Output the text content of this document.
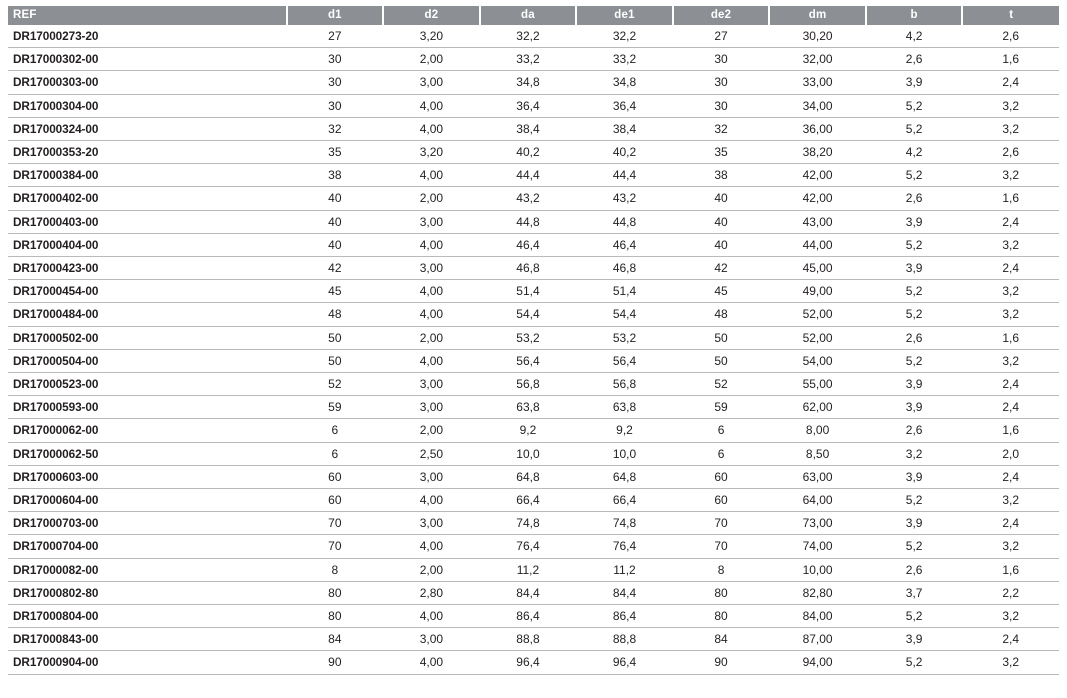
REF	d1	d2	da	de1	de2	dm	b	t
DR17000273-20	27	3,20	32,2	32,2	27	30,20	4,2	2,6
DR17000302-00	30	2,00	33,2	33,2	30	32,00	2,6	1,6
DR17000303-00	30	3,00	34,8	34,8	30	33,00	3,9	2,4
DR17000304-00	30	4,00	36,4	36,4	30	34,00	5,2	3,2
DR17000324-00	32	4,00	38,4	38,4	32	36,00	5,2	3,2
DR17000353-20	35	3,20	40,2	40,2	35	38,20	4,2	2,6
DR17000384-00	38	4,00	44,4	44,4	38	42,00	5,2	3,2
DR17000402-00	40	2,00	43,2	43,2	40	42,00	2,6	1,6
DR17000403-00	40	3,00	44,8	44,8	40	43,00	3,9	2,4
DR17000404-00	40	4,00	46,4	46,4	40	44,00	5,2	3,2
DR17000423-00	42	3,00	46,8	46,8	42	45,00	3,9	2,4
DR17000454-00	45	4,00	51,4	51,4	45	49,00	5,2	3,2
DR17000484-00	48	4,00	54,4	54,4	48	52,00	5,2	3,2
DR17000502-00	50	2,00	53,2	53,2	50	52,00	2,6	1,6
DR17000504-00	50	4,00	56,4	56,4	50	54,00	5,2	3,2
DR17000523-00	52	3,00	56,8	56,8	52	55,00	3,9	2,4
DR17000593-00	59	3,00	63,8	63,8	59	62,00	3,9	2,4
DR17000062-00	6	2,00	9,2	9,2	6	8,00	2,6	1,6
DR17000062-50	6	2,50	10,0	10,0	6	8,50	3,2	2,0
DR17000603-00	60	3,00	64,8	64,8	60	63,00	3,9	2,4
DR17000604-00	60	4,00	66,4	66,4	60	64,00	5,2	3,2
DR17000703-00	70	3,00	74,8	74,8	70	73,00	3,9	2,4
DR17000704-00	70	4,00	76,4	76,4	70	74,00	5,2	3,2
DR17000082-00	8	2,00	11,2	11,2	8	10,00	2,6	1,6
DR17000802-80	80	2,80	84,4	84,4	80	82,80	3,7	2,2
DR17000804-00	80	4,00	86,4	86,4	80	84,00	5,2	3,2
DR17000843-00	84	3,00	88,8	88,8	84	87,00	3,9	2,4
DR17000904-00	90	4,00	96,4	96,4	90	94,00	5,2	3,2
